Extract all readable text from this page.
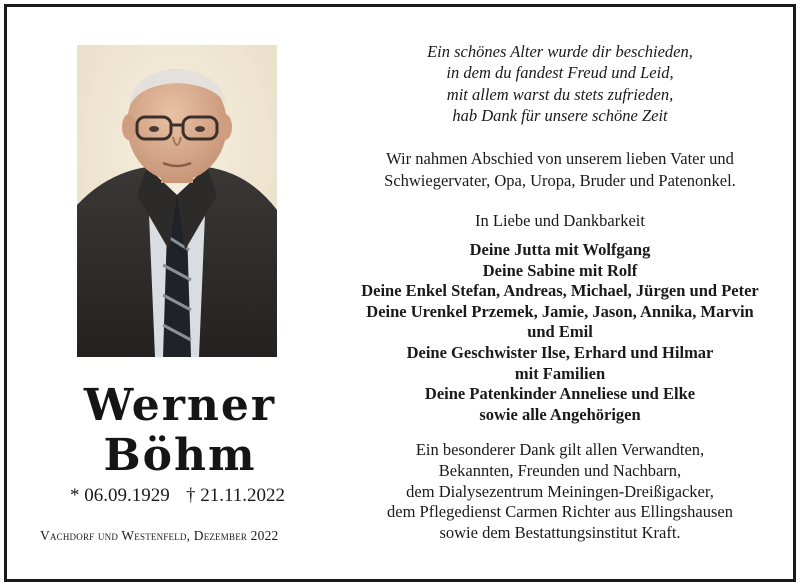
Werner
Böhm
* 06.09.1929 † 21.11.2022
Vachdorf und Westenfeld, Dezember 2022
Ein schönes Alter wurde dir beschieden,
in dem du fandest Freud und Leid,
mit allem warst du stets zufrieden,
hab Dank für unsere schöne Zeit
Wir nahmen Abschied von unserem lieben Vater und
Schwiegervater, Opa, Uropa, Bruder und Patenonkel.
In Liebe und Dankbarkeit
Deine Jutta mit Wolfgang
Deine Sabine mit Rolf
Deine Enkel Stefan, Andreas, Michael, Jürgen und Peter
Deine Urenkel Przemek, Jamie, Jason, Annika, Marvin
und Emil
Deine Geschwister Ilse, Erhard und Hilmar
mit Familien
Deine Patenkinder Anneliese und Elke
sowie alle Angehörigen
Ein besonderer Dank gilt allen Verwandten,
Bekannten, Freunden und Nachbarn,
dem Dialysezentrum Meiningen-Dreißigacker,
dem Pflegedienst Carmen Richter aus Ellingshausen
sowie dem Bestattungsinstitut Kraft.
